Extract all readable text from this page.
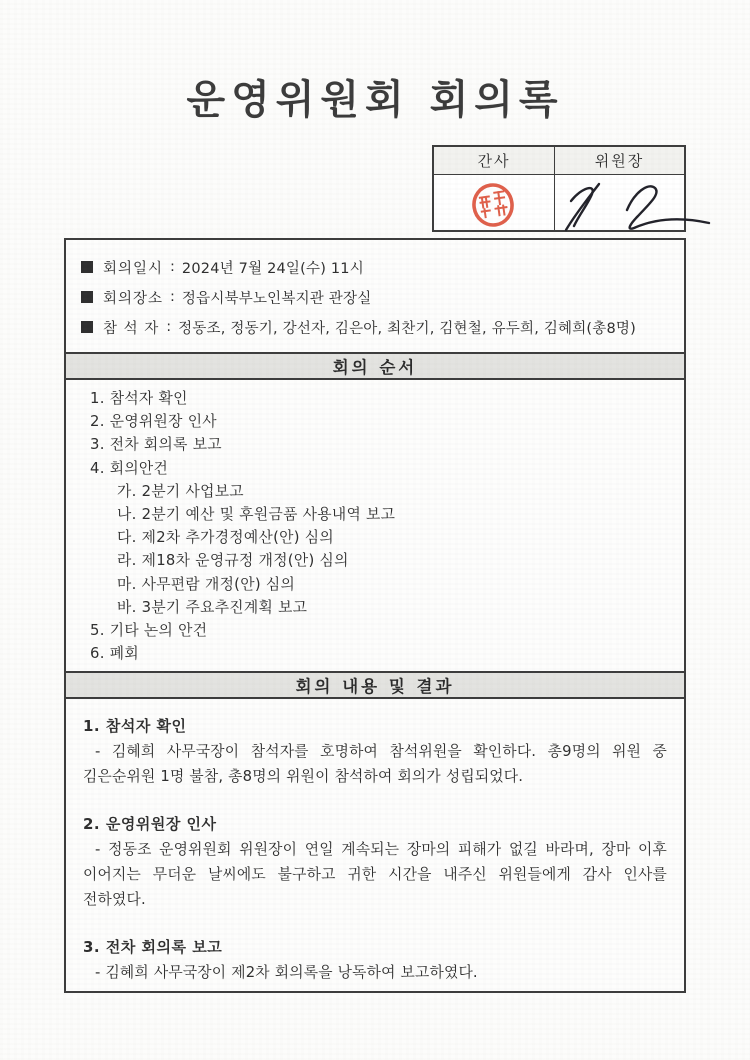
운영위원회 회의록
간사	위원장
회의일시 : 2024년 7월 24일(수) 11시
회의장소 : 정읍시북부노인복지관 관장실
참 석 자 : 정동조, 정동기, 강선자, 김은아, 최찬기, 김현철, 유두희, 김혜희(총8명)
회의 순서
1. 참석자 확인
2. 운영위원장 인사
3. 전차 회의록 보고
4. 회의안건
가. 2분기 사업보고
나. 2분기 예산 및 후원금품 사용내역 보고
다. 제2차 추가경정예산(안) 심의
라. 제18차 운영규정 개정(안) 심의
마. 사무편람 개정(안) 심의
바. 3분기 주요추진계획 보고
5. 기타 논의 안건
6. 폐회
회의 내용 및 결과
1. 참석자 확인
- 김혜희 사무국장이 참석자를 호명하여 참석위원을 확인하다. 총9명의 위원 중 김은순위원 1명 불참, 총8명의 위원이 참석하여 회의가 성립되었다.
2. 운영위원장 인사
- 정동조 운영위원회 위원장이 연일 계속되는 장마의 피해가 없길 바라며, 장마 이후 이어지는 무더운 날씨에도 불구하고 귀한 시간을 내주신 위원들에게 감사 인사를 전하였다.
3. 전차 회의록 보고
- 김혜희 사무국장이 제2차 회의록을 낭독하여 보고하였다.
